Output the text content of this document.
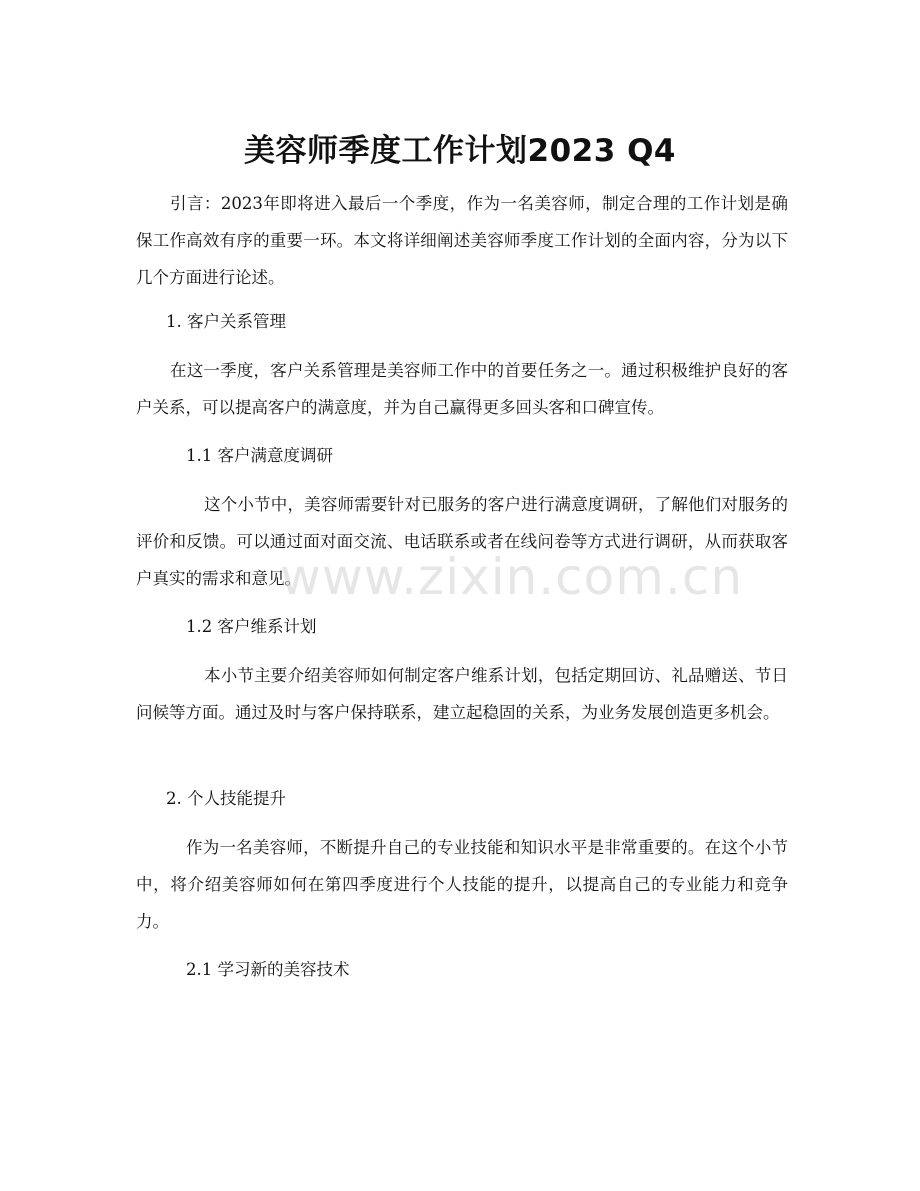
美容师季度工作计划2023 Q4

引言：2023年即将进入最后一个季度，作为一名美容师，制定合理的工作计划是确保工作高效有序的重要一环。本文将详细阐述美容师季度工作计划的全面内容，分为以下几个方面进行论述。

1. 客户关系管理

在这一季度，客户关系管理是美容师工作中的首要任务之一。通过积极维护良好的客户关系，可以提高客户的满意度，并为自己赢得更多回头客和口碑宣传。

1.1 客户满意度调研

这个小节中，美容师需要针对已服务的客户进行满意度调研，了解他们对服务的评价和反馈。可以通过面对面交流、电话联系或者在线问卷等方式进行调研，从而获取客户真实的需求和意见。

1.2 客户维系计划

本小节主要介绍美容师如何制定客户维系计划，包括定期回访、礼品赠送、节日问候等方面。通过及时与客户保持联系，建立起稳固的关系，为业务发展创造更多机会。

2. 个人技能提升

作为一名美容师，不断提升自己的专业技能和知识水平是非常重要的。在这个小节中，将介绍美容师如何在第四季度进行个人技能的提升，以提高自己的专业能力和竞争力。

2.1 学习新的美容技术

www.zixin.com.cn
